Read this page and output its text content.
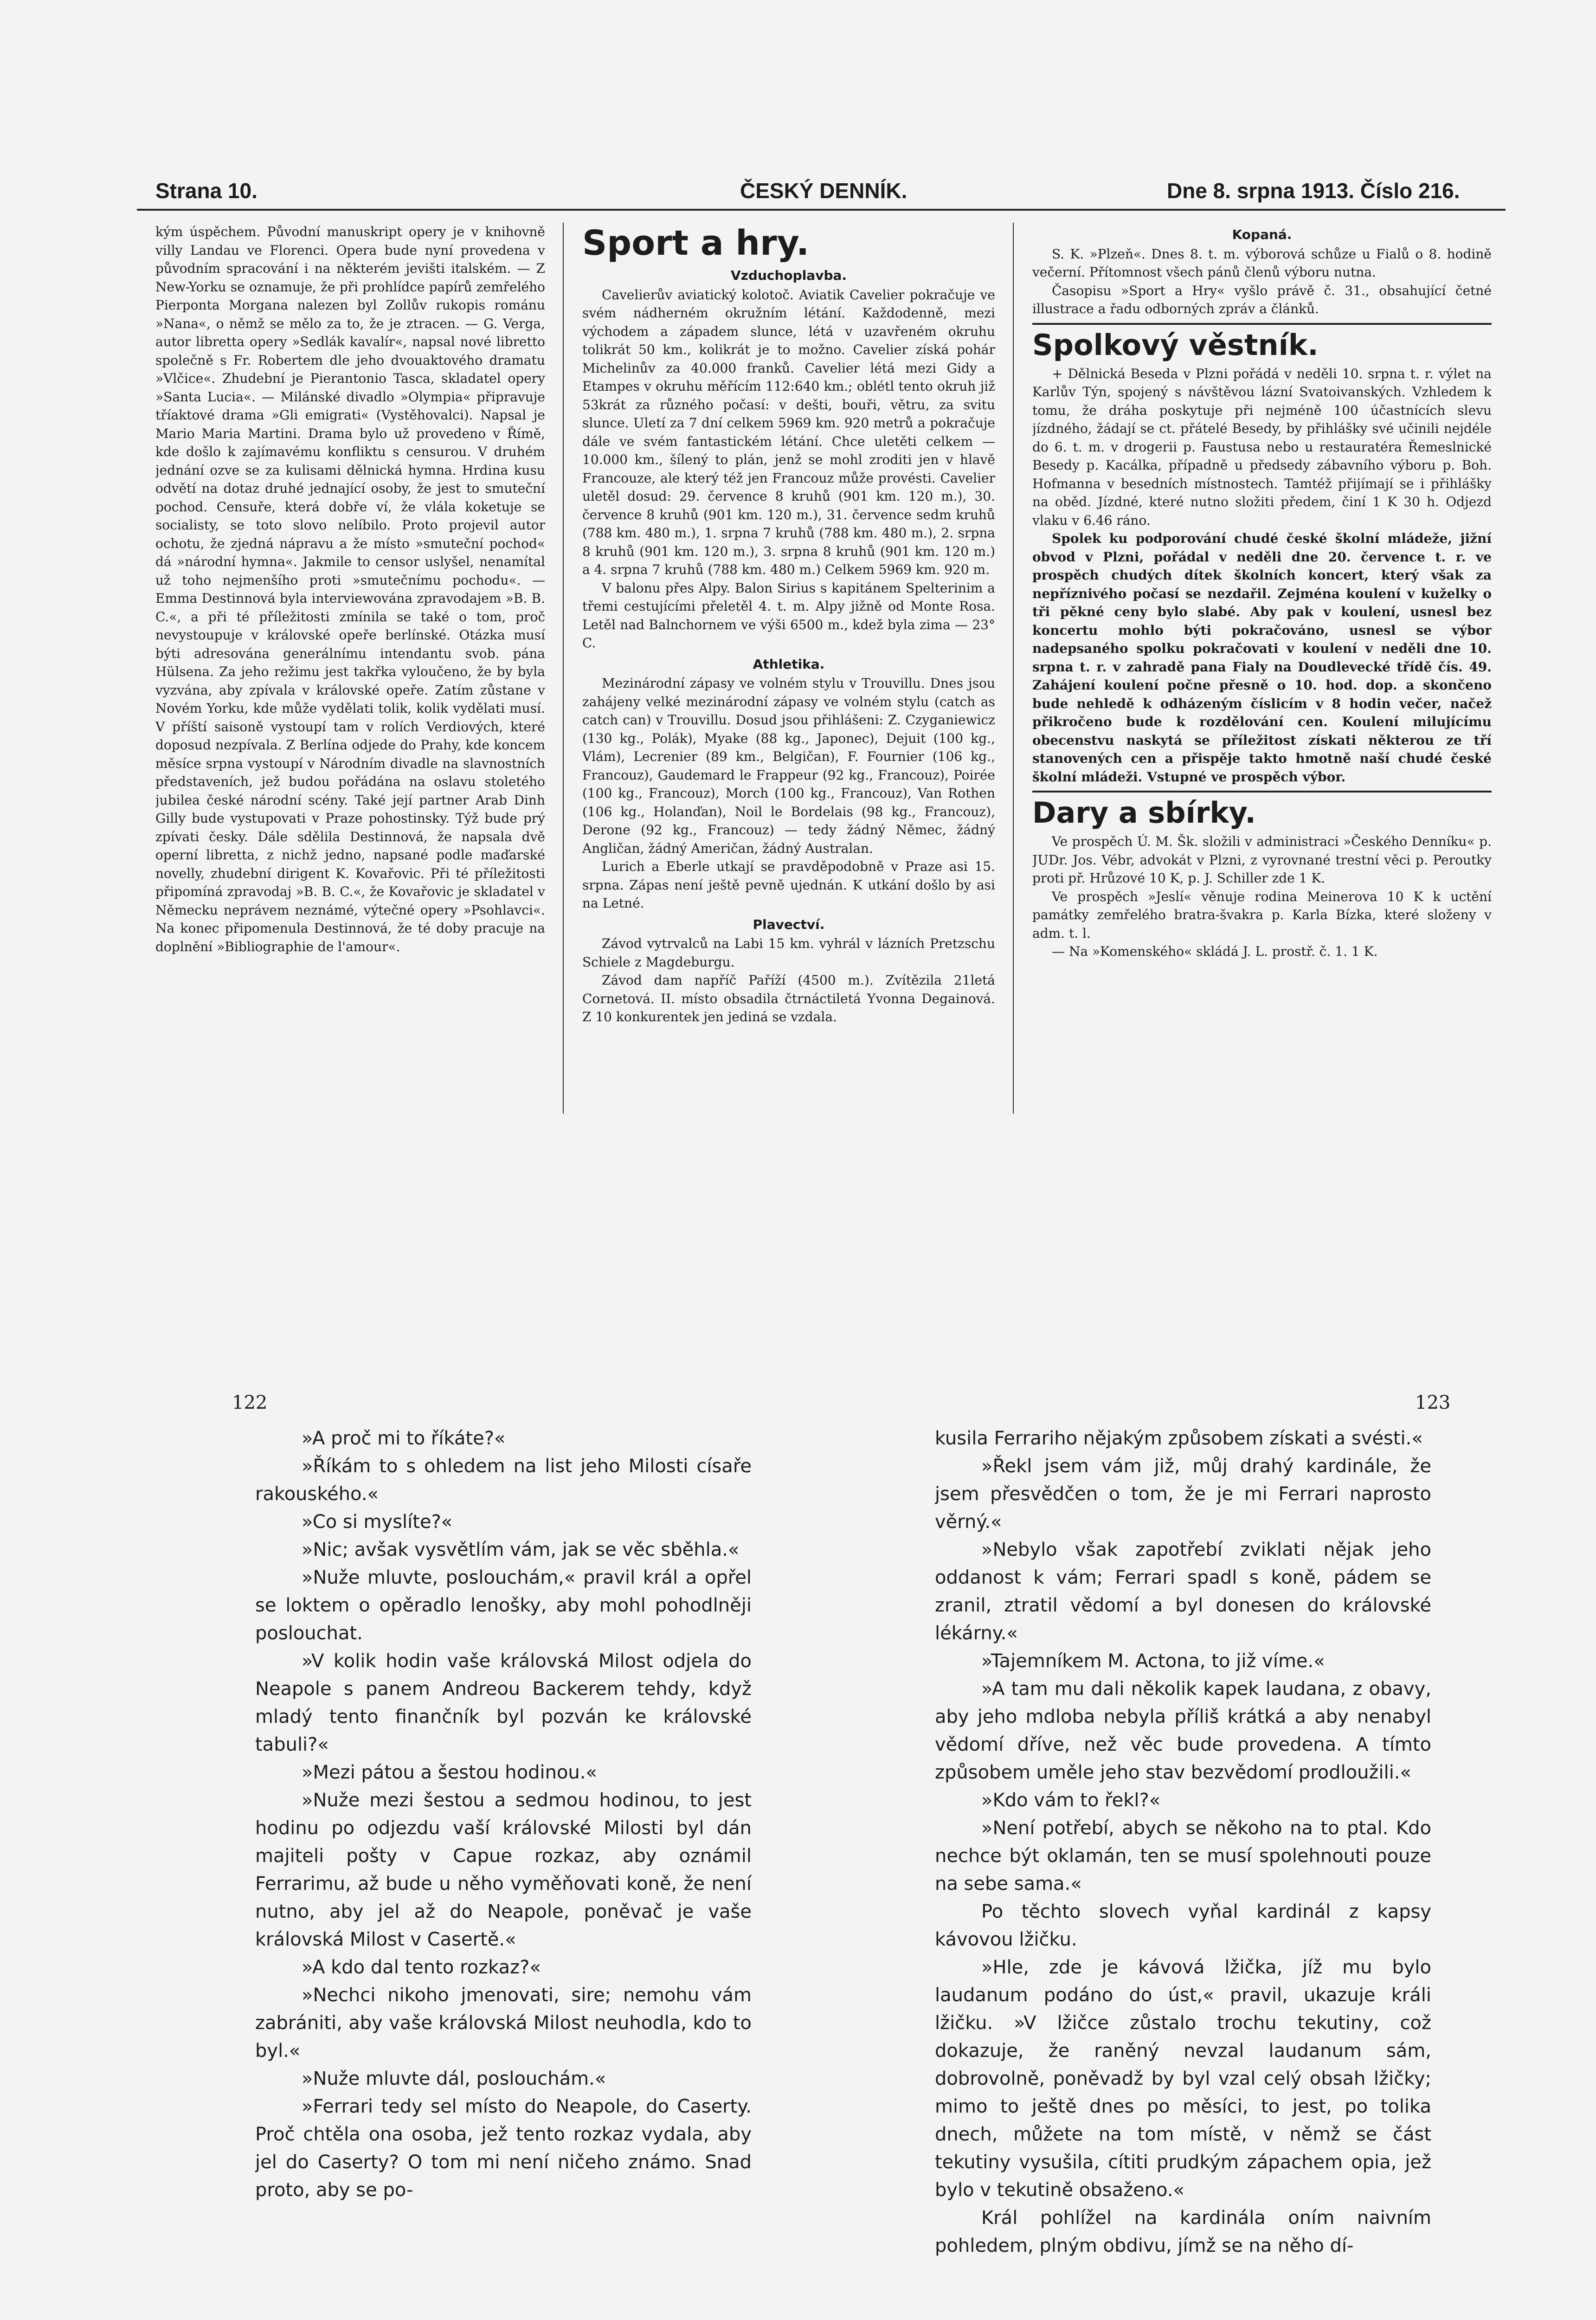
Strana 10.	ČESKÝ DENNÍK.	Dne 8. srpna 1913. Číslo 216.

kým úspěchem. Původní manuskript opery je v knihovně villy Landau ve Florenci. Opera bude nyní provedena v původním spracování i na některém jevišti italském. — Z New-Yorku se oznamuje, že při prohlídce papírů zemřelého Pierponta Morgana nalezen byl Zollův rukopis románu »Nana«, o němž se mělo za to, že je ztracen. — G. Verga, autor libretta opery »Sedlák kavalír«, napsal nové libretto společně s Fr. Robertem dle jeho dvouaktového dramatu »Vlčice«. Zhudební je Pierantonio Tasca, skladatel opery »Santa Lucia«. — Milánské divadlo »Olympia« připravuje tříaktové drama »Gli emigrati« (Vystěhovalci). Napsal je Mario Maria Martini. Drama bylo už provedeno v Římě, kde došlo k zajímavému konfliktu s censurou. V druhém jednání ozve se za kulisami dělnická hymna. Hrdina kusu odvětí na dotaz druhé jednající osoby, že jest to smuteční pochod. Censuře, která dobře ví, že vlála koketuje se socialisty, se toto slovo nelíbilo. Proto projevil autor ochotu, že zjedná nápravu a že místo »smuteční pochod« dá »národní hymna«. Jakmile to censor uslyšel, nenamítal už toho nejmenšího proti »smutečnímu pochodu«. — Emma Destinnová byla interviewována zpravodajem »B. B. C.«, a při té příležitosti zmínila se také o tom, proč nevystoupuje v královské opeře berlínské. Otázka musí býti adresována generálnímu intendantu svob. pána Hülsena. Za jeho režimu jest takřka vyloučeno, že by byla vyzvána, aby zpívala v královské opeře. Zatím zůstane v Novém Yorku, kde může vydělati tolik, kolik vydělati musí. V příští saisoně vystoupí tam v rolích Verdiových, které doposud nezpívala. Z Berlína odjede do Prahy, kde koncem měsíce srpna vystoupí v Národním divadle na slavnostních představeních, jež budou pořádána na oslavu stoletého jubilea české národní scény. Také její partner Arab Dinh Gilly bude vystupovati v Praze pohostinsky. Týž bude prý zpívati česky. Dále sdělila Destinnová, že napsala dvě operní libretta, z nichž jedno, napsané podle maďarské novelly, zhudební dirigent K. Kovařovic. Při té příležitosti připomíná zpravodaj »B. B. C.«, že Kovařovic je skladatel v Německu neprávem neznámé, výtečné opery »Psohlavci«. Na konec připomenula Destinnová, že té doby pracuje na doplnění »Bibliographie de l'amour«.

Sport a hry.
Vzduchoplavba.

Cavelierův aviatický kolotoč. Aviatik Cavelier pokračuje ve svém nádherném okružním létání. Každodenně, mezi východem a západem slunce, létá v uzavřeném okruhu tolikrát 50 km., kolikrát je to možno. Cavelier získá pohár Michelinův za 40.000 franků. Cavelier létá mezi Gidy a Etampes v okruhu měřícím 112:640 km.; oblétl tento okruh již 53krát za různého počasí: v dešti, bouři, větru, za svitu slunce. Uletí za 7 dní celkem 5969 km. 920 metrů a pokračuje dále ve svém fantastickém létání. Chce uletěti celkem — 10.000 km., šílený to plán, jenž se mohl zroditi jen v hlavě Francouze, ale který též jen Francouz může provésti. Cavelier uletěl dosud: 29. července 8 kruhů (901 km. 120 m.), 30. července 8 kruhů (901 km. 120 m.), 31. července sedm kruhů (788 km. 480 m.), 1. srpna 7 kruhů (788 km. 480 m.), 2. srpna 8 kruhů (901 km. 120 m.), 3. srpna 8 kruhů (901 km. 120 m.) a 4. srpna 7 kruhů (788 km. 480 m.) Celkem 5969 km. 920 m.

V balonu přes Alpy. Balon Sirius s kapitánem Spelterinim a třemi cestujícími přeletěl 4. t. m. Alpy jižně od Monte Rosa. Letěl nad Balnchornem ve výši 6500 m., kdež byla zima — 23° C.

Athletika.

Mezinárodní zápasy ve volném stylu v Trouvillu. Dnes jsou zahájeny velké mezinárodní zápasy ve volném stylu (catch as catch can) v Trouvillu. Dosud jsou přihlášeni: Z. Czyganiewicz (130 kg., Polák), Myake (88 kg., Japonec), Dejuit (100 kg., Vlám), Lecrenier (89 km., Belgičan), F. Fournier (106 kg., Francouz), Gaudemard le Frappeur (92 kg., Francouz), Poirée (100 kg., Francouz), Morch (100 kg., Francouz), Van Rothen (106 kg., Holanďan), Noil le Bordelais (98 kg., Francouz), Derone (92 kg., Francouz) — tedy žádný Němec, žádný Angličan, žádný Američan, žádný Australan.

Lurich a Eberle utkají se pravděpodobně v Praze asi 15. srpna. Zápas není ještě pevně ujednán. K utkání došlo by asi na Letné.

Plavectví.

Závod vytrvalců na Labi 15 km. vyhrál v lázních Pretzschu Schiele z Magdeburgu.

Závod dam napříč Paříží (4500 m.). Zvítězila 21letá Cornetová. II. místo obsadila čtrnáctiletá Yvonna Degainová. Z 10 konkurentek jen jediná se vzdala.

Kopaná.

S. K. »Plzeň«. Dnes 8. t. m. výborová schůze u Fialů o 8. hodině večerní. Přítomnost všech pánů členů výboru nutna.

Časopisu »Sport a Hry« vyšlo právě č. 31., obsahující četné illustrace a řadu odborných zpráv a článků.

Spolkový věstník.

+ Dělnická Beseda v Plzni pořádá v neděli 10. srpna t. r. výlet na Karlův Týn, spojený s návštěvou lázní Svatoivanských. Vzhledem k tomu, že dráha poskytuje při nejméně 100 účastnících slevu jízdného, žádají se ct. přátelé Besedy, by přihlášky své učinili nejdéle do 6. t. m. v drogerii p. Faustusa nebo u restauratéra Řemeslnické Besedy p. Kacálka, případně u předsedy zábavního výboru p. Boh. Hofmanna v besedních místnostech. Tamtéž přijímají se i přihlášky na oběd. Jízdné, které nutno složiti předem, činí 1 K 30 h. Odjezd vlaku v 6.46 ráno.

Spolek ku podporování chudé české školní mládeže, jižní obvod v Plzni, pořádal v neděli dne 20. července t. r. ve prospěch chudých dítek školních koncert, který však za nepříznivého počasí se nezdařil. Zejména koulení v kuželky o tři pěkné ceny bylo slabé. Aby pak v koulení, usnesl bez koncertu mohlo býti pokračováno, usnesl se výbor nadepsaného spolku pokračovati v koulení v neděli dne 10. srpna t. r. v zahradě pana Fialy na Doudlevecké třídě čís. 49. Zahájení koulení počne přesně o 10. hod. dop. a skončeno bude nehledě k odházeným číslicím v 8 hodin večer, načež přikročeno bude k rozdělování cen. Koulení milujícímu obecenstvu naskytá se příležitost získati některou ze tří stanovených cen a přispěje takto hmotně naší chudé české školní mládeži. Vstupné ve prospěch výbor.

Dary a sbírky.

Ve prospěch Ú. M. Šk. složili v administraci »Českého Denníku« p. JUDr. Jos. Vébr, advokát v Plzni, z vyrovnané trestní věci p. Peroutky proti př. Hrůzové 10 K, p. J. Schiller zde 1 K.

Ve prospěch »Jeslí« věnuje rodina Meinerova 10 K k uctění památky zemřelého bratra-švakra p. Karla Bízka, které složeny v adm. t. l.

— Na »Komenského« skládá J. L. prostř. č. 1. 1 K.

122	123

»A proč mi to říkáte?«

»Říkám to s ohledem na list jeho Milosti císaře rakouského.«

»Co si myslíte?«

»Nic; avšak vysvětlím vám, jak se věc sběhla.«

»Nuže mluvte, poslouchám,« pravil král a opřel se loktem o opěradlo lenošky, aby mohl pohodlněji poslouchat.

»V kolik hodin vaše královská Milost odjela do Neapole s panem Andreou Backerem tehdy, když mladý tento finančník byl pozván ke královské tabuli?«

»Mezi pátou a šestou hodinou.«

»Nuže mezi šestou a sedmou hodinou, to jest hodinu po odjezdu vaší královské Milosti byl dán majiteli pošty v Capue rozkaz, aby oznámil Ferrarimu, až bude u něho vyměňovati koně, že není nutno, aby jel až do Neapole, poněvač je vaše královská Milost v Casertě.«

»A kdo dal tento rozkaz?«

»Nechci nikoho jmenovati, sire; nemohu vám zabrániti, aby vaše královská Milost neuhodla, kdo to byl.«

»Nuže mluvte dál, poslouchám.«

»Ferrari tedy sel místo do Neapole, do Caserty. Proč chtěla ona osoba, jež tento rozkaz vydala, aby jel do Caserty? O tom mi není ničeho známo. Snad proto, aby se po-

kusila Ferrariho nějakým způsobem získati a svésti.«

»Řekl jsem vám již, můj drahý kardinále, že jsem přesvědčen o tom, že je mi Ferrari naprosto věrný.«

»Nebylo však zapotřebí zviklati nějak jeho oddanost k vám; Ferrari spadl s koně, pádem se zranil, ztratil vědomí a byl donesen do královské lékárny.«

»Tajemníkem M. Actona, to již víme.«

»A tam mu dali několik kapek laudana, z obavy, aby jeho mdloba nebyla příliš krátká a aby nenabyl vědomí dříve, než věc bude provedena. A tímto způsobem uměle jeho stav bezvědomí prodloužili.«

»Kdo vám to řekl?«

»Není potřebí, abych se někoho na to ptal. Kdo nechce být oklamán, ten se musí spolehnouti pouze na sebe sama.«

Po těchto slovech vyňal kardinál z kapsy kávovou lžičku.

»Hle, zde je kávová lžička, jíž mu bylo laudanum podáno do úst,« pravil, ukazuje králi lžičku. »V lžičce zůstalo trochu tekutiny, což dokazuje, že raněný nevzal laudanum sám, dobrovolně, poněvadž by byl vzal celý obsah lžičky; mimo to ještě dnes po měsíci, to jest, po tolika dnech, můžete na tom místě, v němž se část tekutiny vysušila, cítiti prudkým zápachem opia, jež bylo v tekutině obsaženo.«

Král pohlížel na kardinála oním naivním pohledem, plným obdivu, jímž se na něho dí-
